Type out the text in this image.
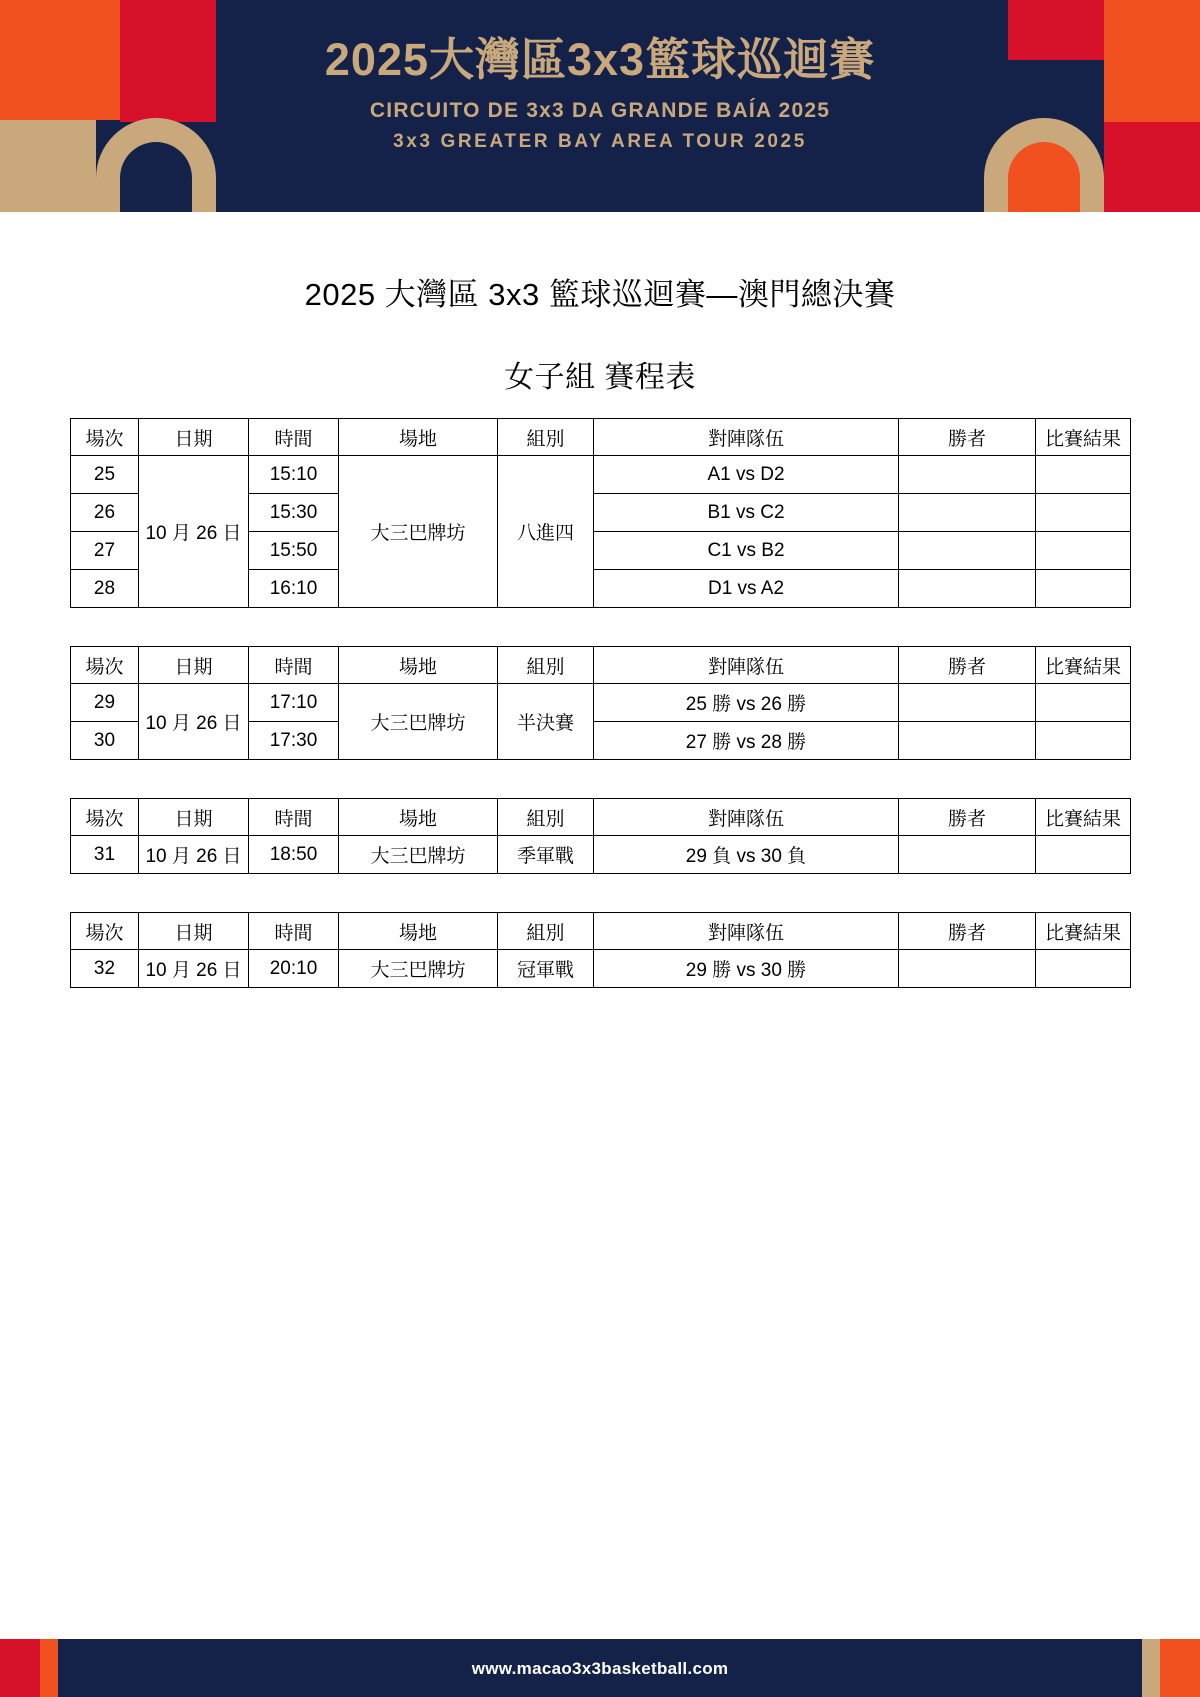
2025大灣區3x3籃球巡迴賽
CIRCUITO DE 3x3 DA GRANDE BAÍA 2025
3x3 GREATER BAY AREA TOUR 2025
2025 大灣區 3x3 籃球巡迴賽—澳門總決賽
女子組 賽程表
場次	日期	時間	場地	組別	對陣隊伍	勝者	比賽結果
25	10 月 26 日	15:10	大三巴牌坊	八進四	A1 vs D2		
26		15:30			B1 vs C2		
27		15:50			C1 vs B2		
28		16:10			D1 vs A2		
場次	日期	時間	場地	組別	對陣隊伍	勝者	比賽結果
29	10 月 26 日	17:10	大三巴牌坊	半決賽	25 勝 vs 26 勝		
30		17:30			27 勝 vs 28 勝		
場次	日期	時間	場地	組別	對陣隊伍	勝者	比賽結果
31	10 月 26 日	18:50	大三巴牌坊	季軍戰	29 負 vs 30 負		
場次	日期	時間	場地	組別	對陣隊伍	勝者	比賽結果
32	10 月 26 日	20:10	大三巴牌坊	冠軍戰	29 勝 vs 30 勝		
www.macao3x3basketball.com
